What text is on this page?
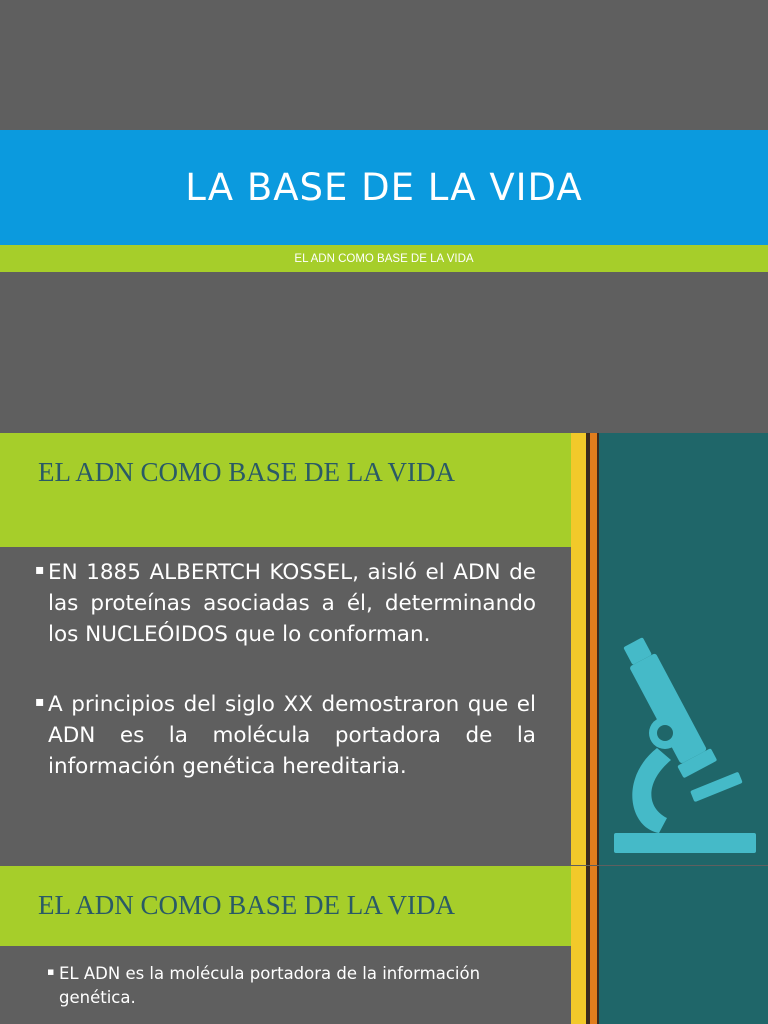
LA BASE DE LA VIDA
EL ADN COMO BASE DE LA VIDA
EL ADN COMO BASE DE LA VIDA
▪ EN 1885 ALBERTCH KOSSEL, aisló el ADN de las proteínas asociadas a él, determinando los NUCLEÓIDOS que lo conforman.
▪ A principios del siglo XX demostraron que el ADN es la molécula portadora de la información genética hereditaria.
EL ADN COMO BASE DE LA VIDA
▪ EL ADN es la molécula portadora de la información genética.
